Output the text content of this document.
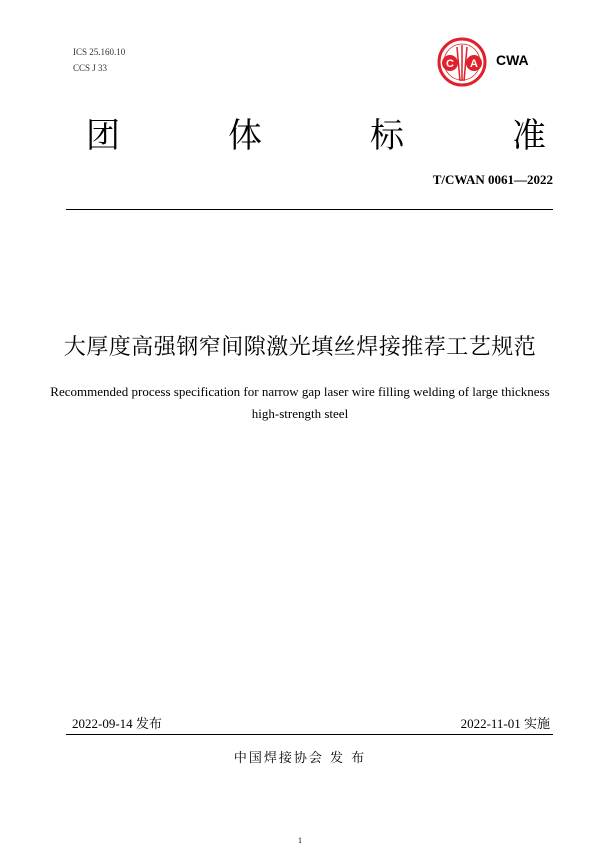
ICS 25.160.10
CCS J 33	C A CWA
团	体	标	准
T/CWAN 0061—2022
大厚度高强钢窄间隙激光填丝焊接推荐工艺规范
Recommended process specification for narrow gap laser wire filling welding of large thickness
high-strength steel
2022-09-14 发布	2022-11-01 实施
中国焊接协会 发 布
1
